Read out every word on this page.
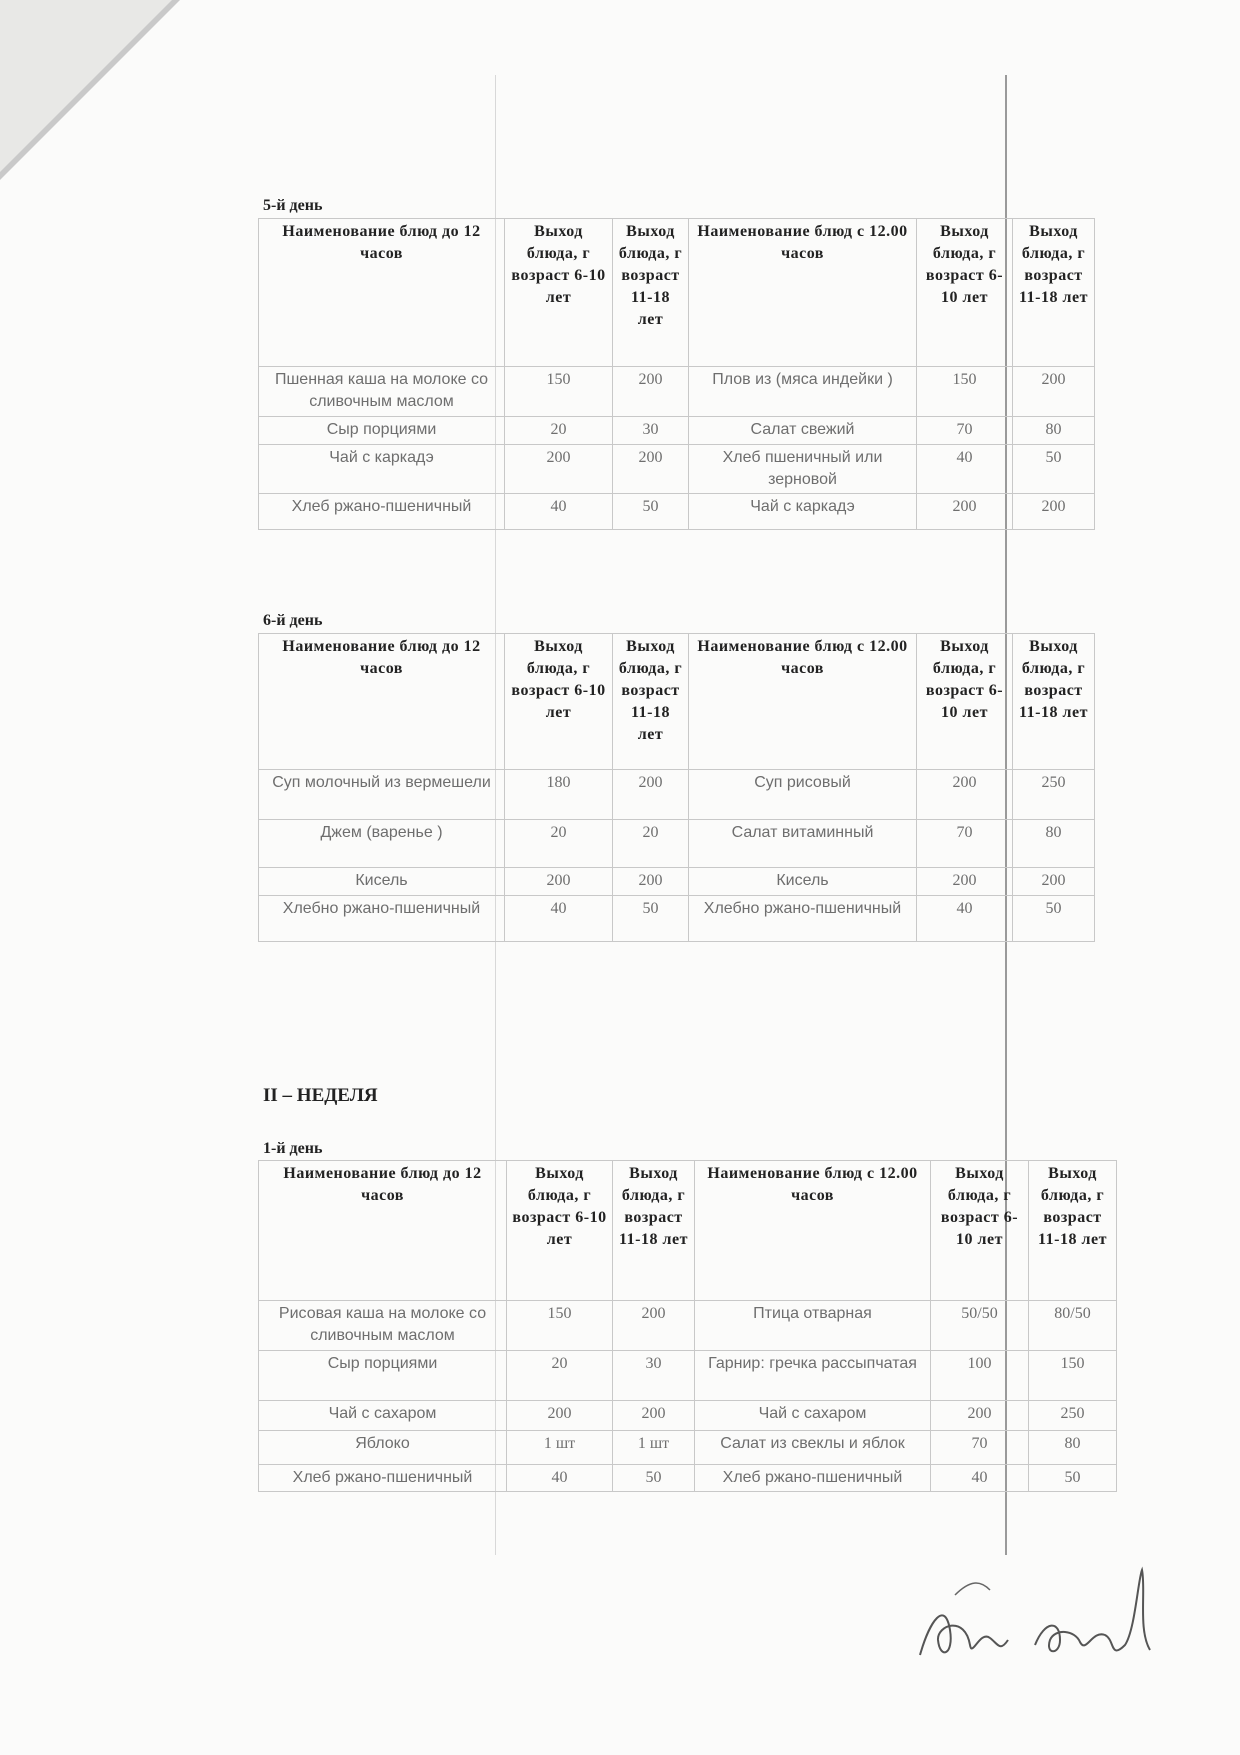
5-й день
Наименование блюд до 12 часов	Выход блюда, г возраст 6-10 лет	Выход блюда, г возраст 11-18 лет	Наименование блюд с 12.00 часов	Выход блюда, г возраст 6-10 лет	Выход блюда, г возраст 11-18 лет
Пшенная каша на молоке со сливочным маслом	150	200	Плов из (мяса индейки )	150	200
Сыр порциями	20	30	Салат свежий	70	80
Чай с каркадэ	200	200	Хлеб пшеничный или зерновой	40	50
Хлеб ржано-пшеничный	40	50	Чай с каркадэ	200	200
6-й день
Наименование блюд до 12 часов	Выход блюда, г возраст 6-10 лет	Выход блюда, г возраст 11-18 лет	Наименование блюд с 12.00 часов	Выход блюда, г возраст 6-10 лет	Выход блюда, г возраст 11-18 лет
Суп молочный из вермешели	180	200	Суп рисовый	200	250
Джем (варенье )	20	20	Салат витаминный	70	80
Кисель	200	200	Кисель	200	200
Хлебно ржано-пшеничный	40	50	Хлебно ржано-пшеничный	40	50
II – НЕДЕЛЯ
1-й день
Наименование блюд до 12 часов	Выход блюда, г возраст 6-10 лет	Выход блюда, г возраст 11-18 лет	Наименование блюд с 12.00 часов	Выход блюда, г возраст 6-10 лет	Выход блюда, г возраст 11-18 лет
Рисовая каша на молоке со сливочным маслом	150	200	Птица отварная	50/50	80/50
Сыр порциями	20	30	Гарнир: гречка рассыпчатая	100	150
Чай с сахаром	200	200	Чай с сахаром	200	250
Яблоко	1 шт	1 шт	Салат из свеклы и яблок	70	80
Хлеб ржано-пшеничный	40	50	Хлеб ржано-пшеничный	40	50
